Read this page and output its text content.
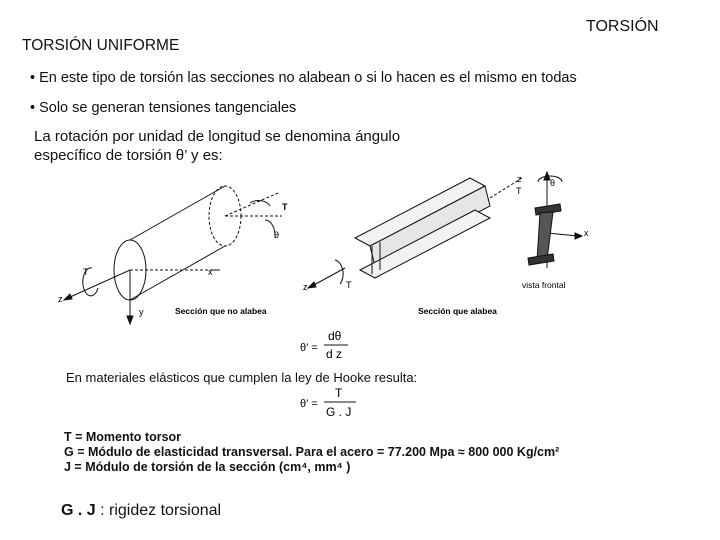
TORSIÓN
TORSIÓN UNIFORME
• En este tipo de torsión las secciones no alabean o si lo hacen es el mismo en todas
• Solo se generan tensiones tangenciales
La rotación por unidad de longitud se denomina ángulo
específico de torsión θ’ y es:
T
θ
T	x
z
y	Sección que no alabea
z	T
Sección que alabea
z
T
θ
x
vista frontal
θ’ =
dθ
d z
En materiales elásticos que cumplen la ley de Hooke resulta:
θ’ =
T
G . J
T = Momento torsor
G = Módulo de elasticidad transversal. Para el acero = 77.200 Mpa ≈ 800 000 Kg/cm²
J = Módulo de torsión de la sección (cm⁴, mm⁴ )
G . J : rigidez torsional
